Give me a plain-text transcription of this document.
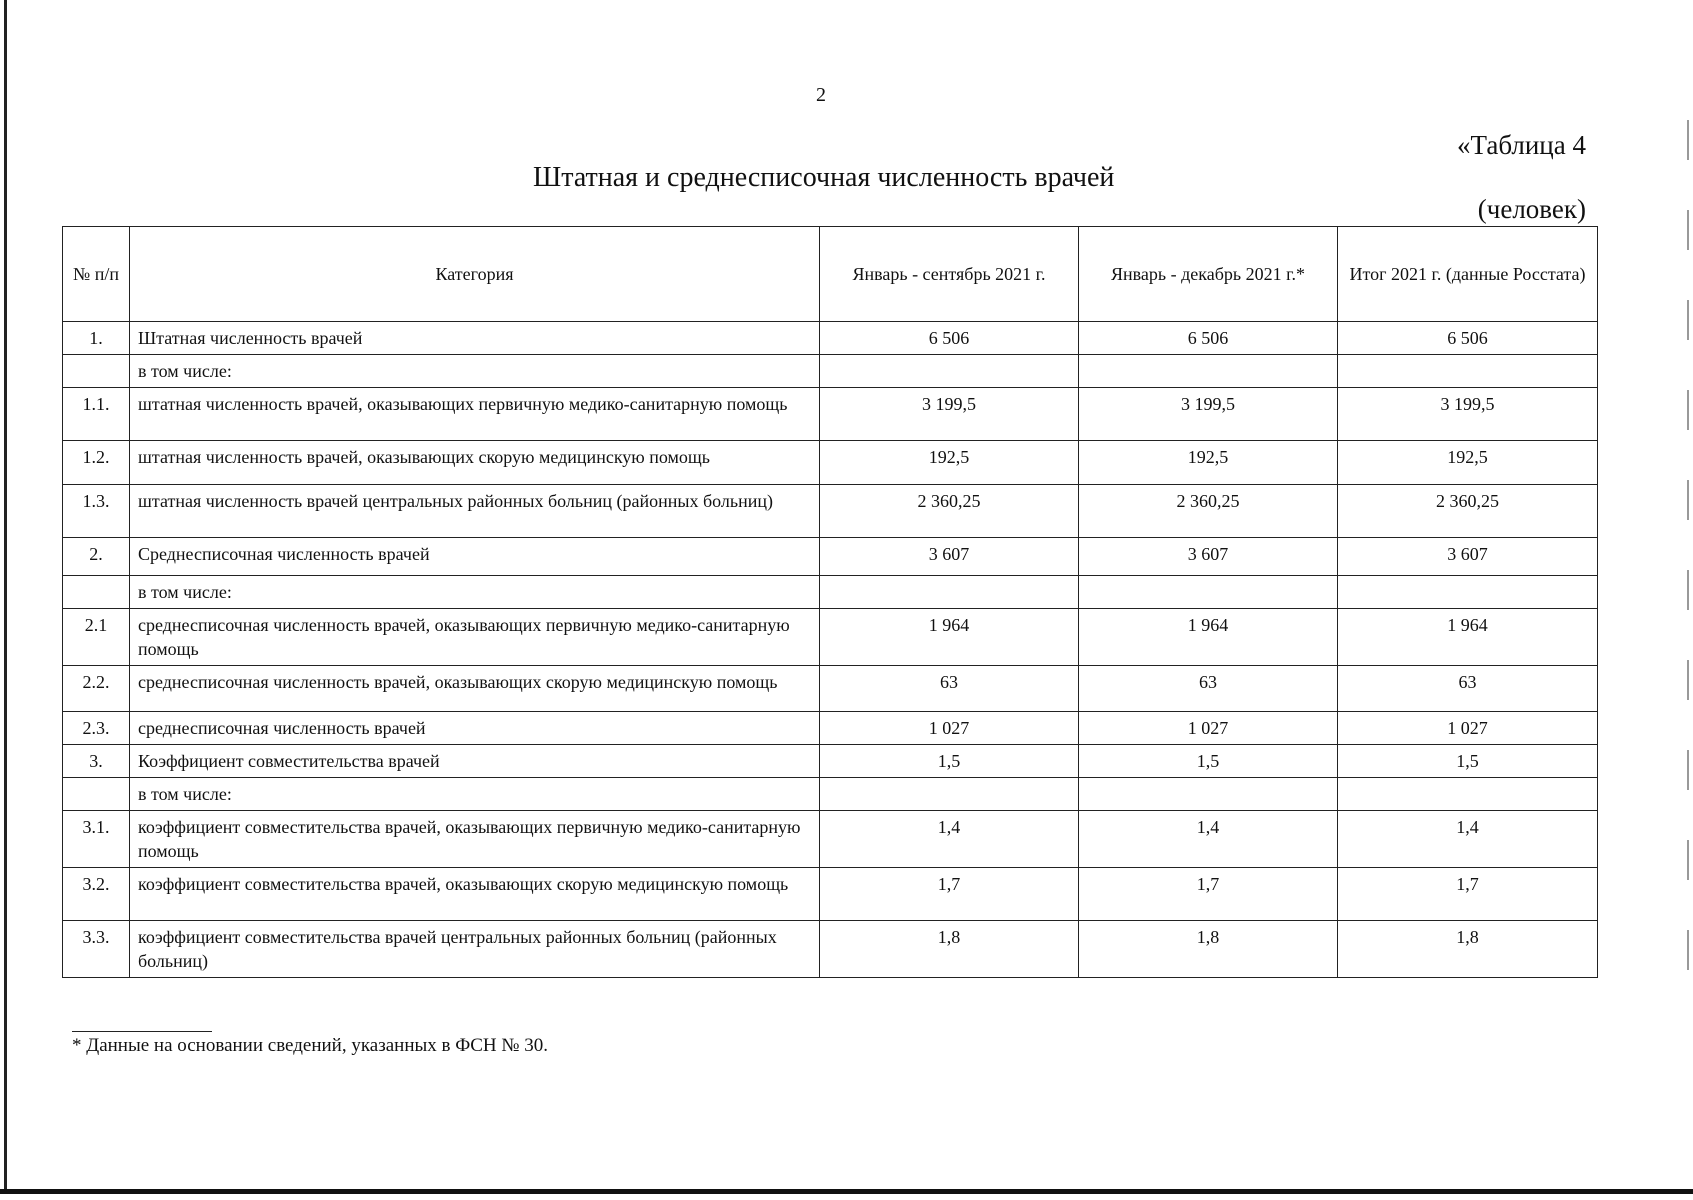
2
«Таблица 4
Штатная и среднесписочная численность врачей
(человек)
№ п/п	Категория	Январь - сентябрь 2021 г.	Январь - декабрь 2021 г.*	Итог 2021 г. (данные Росстата)
1.	Штатная численность врачей	6 506	6 506	6 506
	в том числе:			
1.1.	штатная численность врачей, оказывающих первичную медико-санитарную помощь	3 199,5	3 199,5	3 199,5
1.2.	штатная численность врачей, оказывающих скорую медицинскую помощь	192,5	192,5	192,5
1.3.	штатная численность врачей центральных районных больниц (районных больниц)	2 360,25	2 360,25	2 360,25
2.	Среднесписочная численность врачей	3 607	3 607	3 607
	в том числе:			
2.1	среднесписочная численность врачей, оказывающих первичную медико-санитарную помощь	1 964	1 964	1 964
2.2.	среднесписочная численность врачей, оказывающих скорую медицинскую помощь	63	63	63
2.3.	среднесписочная численность врачей	1 027	1 027	1 027
3.	Коэффициент совместительства врачей	1,5	1,5	1,5
	в том числе:			
3.1.	коэффициент совместительства врачей, оказывающих первичную медико-санитарную помощь	1,4	1,4	1,4
3.2.	коэффициент совместительства врачей, оказывающих скорую медицинскую помощь	1,7	1,7	1,7
3.3.	коэффициент совместительства врачей центральных районных больниц (районных больниц)	1,8	1,8	1,8
* Данные на основании сведений, указанных в ФСН № 30.
